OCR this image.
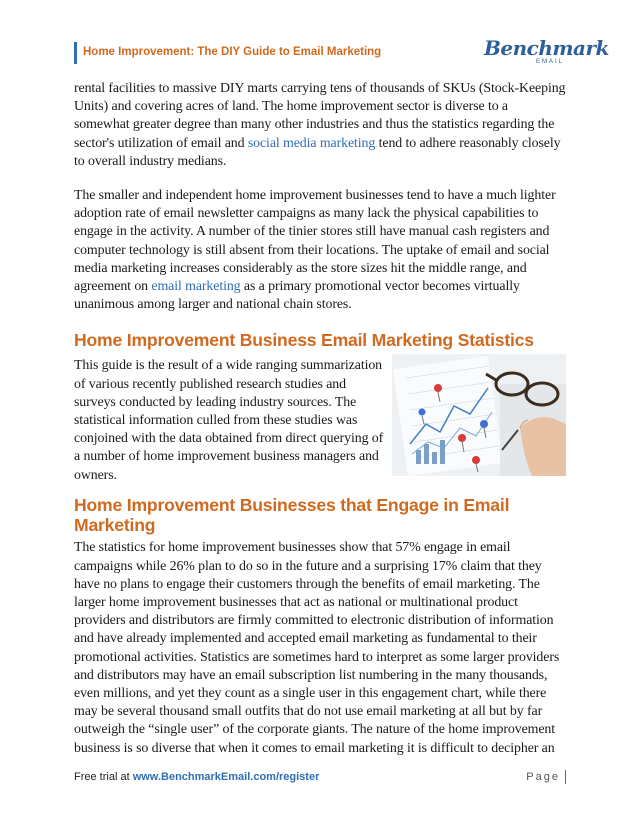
Home Improvement: The DIY Guide to Email Marketing	Benchmark
EMAIL

rental facilities to massive DIY marts carrying tens of thousands of SKUs (Stock-Keeping Units) and covering acres of land. The home improvement sector is diverse to a somewhat greater degree than many other industries and thus the statistics regarding the sector's utilization of email and social media marketing tend to adhere reasonably closely to overall industry medians.

The smaller and independent home improvement businesses tend to have a much lighter adoption rate of email newsletter campaigns as many lack the physical capabilities to engage in the activity. A number of the tinier stores still have manual cash registers and computer technology is still absent from their locations. The uptake of email and social media marketing increases considerably as the store sizes hit the middle range, and agreement on email marketing as a primary promotional vector becomes virtually unanimous among larger and national chain stores.

Home Improvement Business Email Marketing Statistics

This guide is the result of a wide ranging summarization of various recently published research studies and surveys conducted by leading industry sources. The statistical information culled from these studies was conjoined with the data obtained from direct querying of a number of home improvement business managers and owners.

Home Improvement Businesses that Engage in Email Marketing

The statistics for home improvement businesses show that 57% engage in email campaigns while 26% plan to do so in the future and a surprising 17% claim that they have no plans to engage their customers through the benefits of email marketing. The larger home improvement businesses that act as national or multinational product providers and distributors are firmly committed to electronic distribution of information and have already implemented and accepted email marketing as fundamental to their promotional activities. Statistics are sometimes hard to interpret as some larger providers and distributors may have an email subscription list numbering in the many thousands, even millions, and yet they count as a single user in this engagement chart, while there may be several thousand small outfits that do not use email marketing at all but by far outweigh the “single user” of the corporate giants. The nature of the home improvement business is so diverse that when it comes to email marketing it is difficult to decipher an

Free trial at www.BenchmarkEmail.com/register	Page
